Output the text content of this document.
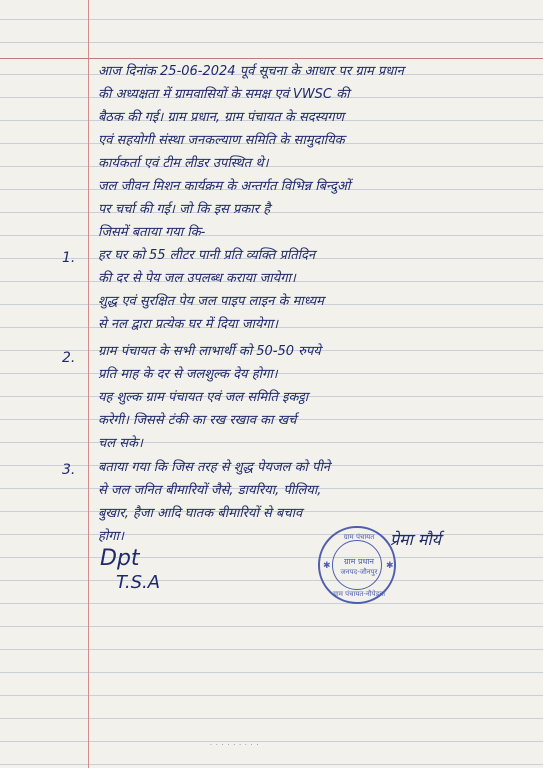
आज दिनांक 25-06-2024 पूर्व सूचना के आधार पर ग्राम प्रधान
की अध्यक्षता में ग्रामवासियों के समक्ष एवं VWSC की
बैठक की गई। ग्राम प्रधान, ग्राम पंचायत के सदस्यगण
एवं सहयोगी संस्था जनकल्याण समिति के सामुदायिक
कार्यकर्ता एवं टीम लीडर उपस्थित थे।
जल जीवन मिशन कार्यक्रम के अन्तर्गत विभिन्न बिन्दुओं
पर चर्चा की गई। जो कि इस प्रकार है
जिसमें बताया गया कि-
1. हर घर को 55 लीटर पानी प्रति व्यक्ति प्रतिदिन
की दर से पेय जल उपलब्ध कराया जायेगा।
शुद्ध एवं सुरक्षित पेय जल पाइप लाइन के माध्यम
से नल द्वारा प्रत्येक घर में दिया जायेगा।
2. ग्राम पंचायत के सभी लाभार्थी को 50-50 रुपये
प्रति माह के दर से जलशुल्क देय होगा।
यह शुल्क ग्राम पंचायत एवं जल समिति इकट्ठा
करेगी। जिससे टंकी का रख रखाव का खर्च
चल सके।
3. बताया गया कि जिस तरह से शुद्ध पेयजल को पीने
से जल जनित बीमारियों जैसे, डायरिया, पीलिया,
बुखार, हैजा आदि घातक बीमारियों से बचाव
होगा।
Dpt
T.S.A
ग्राम पंचायत
ग्राम प्रधान
जनपद-जौनपुर
ग्राम पंचायत-नौपेडवा
✱	✱
प्रेमा मौर्य
· · · · · · · · ·
